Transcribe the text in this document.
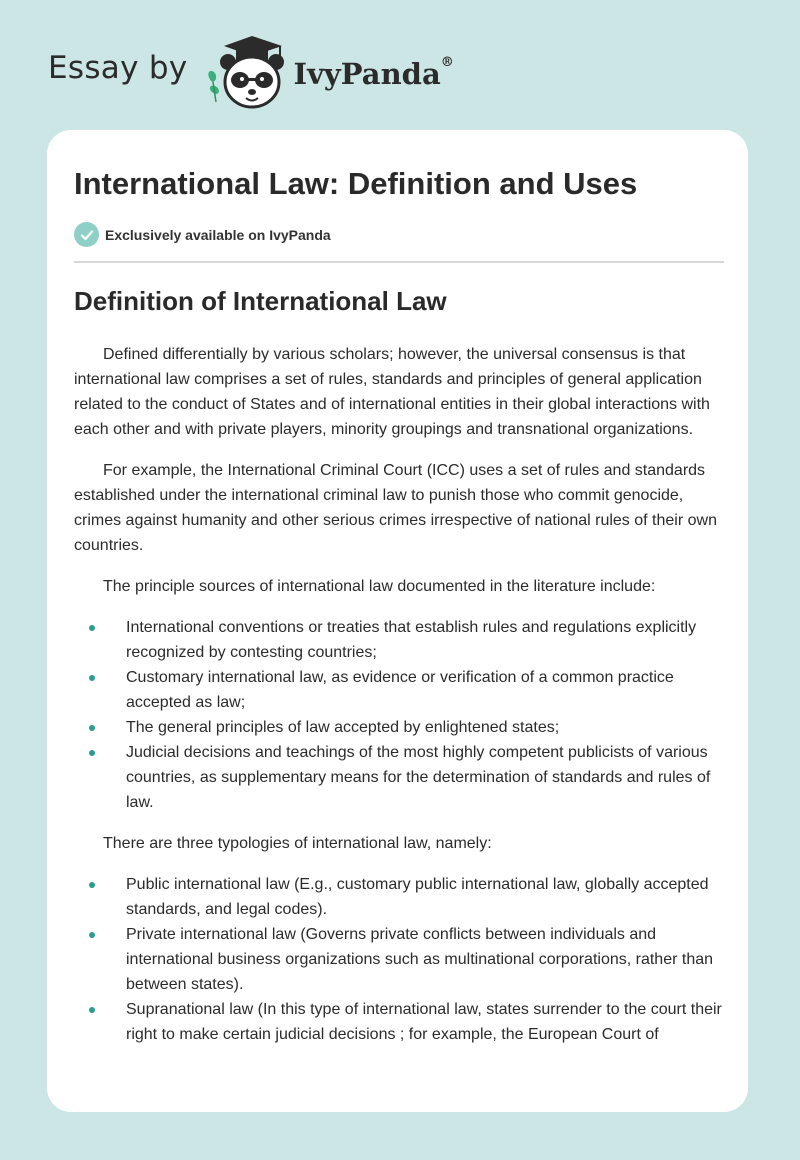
Essay by	IvyPanda®
International Law: Definition and Uses
Exclusively available on IvyPanda
Definition of International Law

Defined differentially by various scholars; however, the universal consensus is that international law comprises a set of rules, standards and principles of general application related to the conduct of States and of international entities in their global interactions with each other and with private players, minority groupings and transnational organizations.

For example, the International Criminal Court (ICC) uses a set of rules and standards established under the international criminal law to punish those who commit genocide, crimes against humanity and other serious crimes irrespective of national rules of their own countries.

The principle sources of international law documented in the literature include:

International conventions or treaties that establish rules and regulations explicitly recognized by contesting countries;
Customary international law, as evidence or verification of a common practice accepted as law;
The general principles of law accepted by enlightened states;
Judicial decisions and teachings of the most highly competent publicists of various countries, as supplementary means for the determination of standards and rules of law.

There are three typologies of international law, namely:

Public international law (E.g., customary public international law, globally accepted standards, and legal codes).
Private international law (Governs private conflicts between individuals and international business organizations such as multinational corporations, rather than between states).
Supranational law (In this type of international law, states surrender to the court their right to make certain judicial decisions ; for example, the European Court of
